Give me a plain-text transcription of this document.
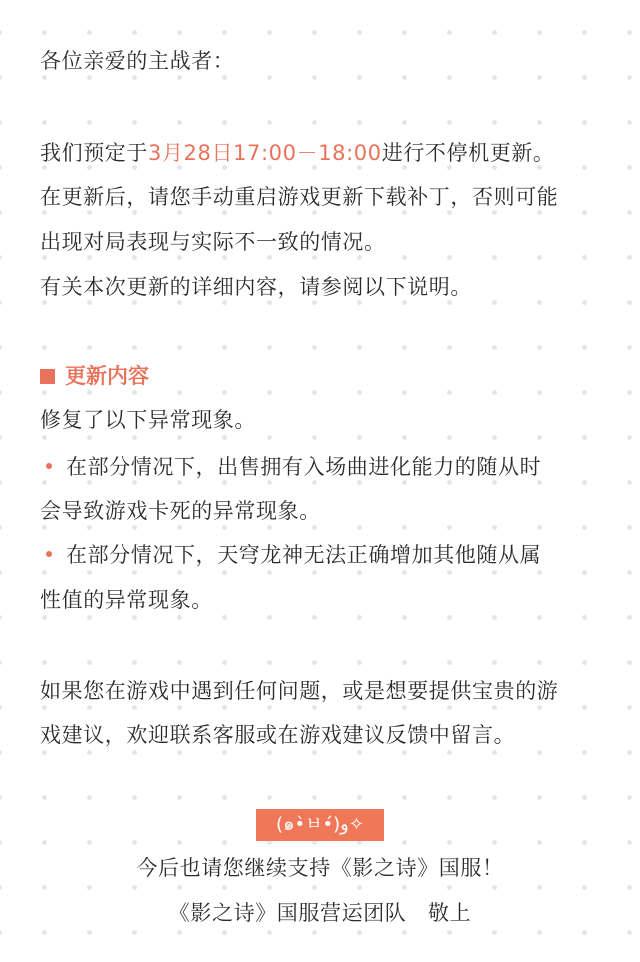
各位亲爱的主战者：
我们预定于3月28日17:00－18:00进行不停机更新。
在更新后，请您手动重启游戏更新下载补丁，否则可能
出现对局表现与实际不一致的情况。
有关本次更新的详细内容，请参阅以下说明。
更新内容
修复了以下异常现象。
在部分情况下，出售拥有入场曲进化能力的随从时
会导致游戏卡死的异常现象。
在部分情况下，天穹龙神无法正确增加其他随从属
性值的异常现象。
如果您在游戏中遇到任何问题，或是想要提供宝贵的游
戏建议，欢迎联系客服或在游戏建议反馈中留言。
(๑•̀ㅂ•́)و✧
今后也请您继续支持《影之诗》国服！
《影之诗》国服营运团队　敬上
